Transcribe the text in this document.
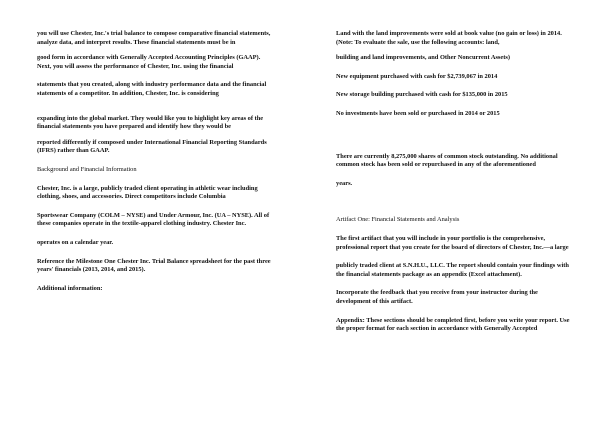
you will use Chester, Inc.'s trial balance to compose comparative financial statements, analyze data, and interpret results. These financial statements must be in

good form in accordance with Generally Accepted Accounting Principles (GAAP). Next, you will assess the performance of Chester, Inc. using the financial

statements that you created, along with industry performance data and the financial statements of a competitor. In addition, Chester, Inc. is considering

expanding into the global market. They would like you to highlight key areas of the financial statements you have prepared and identify how they would be

reported differently if composed under International Financial Reporting Standards (IFRS) rather than GAAP.

Background and Financial Information

Chester, Inc. is a large, publicly traded client operating in athletic wear including clothing, shoes, and accessories. Direct competitors include Columbia

Sportswear Company (COLM – NYSE) and Under Armour, Inc. (UA – NYSE). All of these companies operate in the textile-apparel clothing industry. Chester Inc.

operates on a calendar year.

Reference the Milestone One Chester Inc. Trial Balance spreadsheet for the past three years' financials (2013, 2014, and 2015).

Additional information:

Land with the land improvements were sold at book value (no gain or loss) in 2014. (Note: To evaluate the sale, use the following accounts: land,

building and land improvements, and Other Noncurrent Assets)

New equipment purchased with cash for $2,739,067 in 2014

New storage building purchased with cash for $135,000 in 2015

No investments have been sold or purchased in 2014 or 2015

There are currently 8,275,000 shares of common stock outstanding. No additional common stock has been sold or repurchased in any of the aforementioned

years.

Artifact One: Financial Statements and Analysis

The first artifact that you will include in your portfolio is the comprehensive, professional report that you create for the board of directors of Chester, Inc.—a large

publicly traded client at S.N.H.U., LLC. The report should contain your findings with the financial statements package as an appendix (Excel attachment).

Incorporate the feedback that you receive from your instructor during the development of this artifact.

Appendix: These sections should be completed first, before you write your report. Use the proper format for each section in accordance with Generally Accepted
